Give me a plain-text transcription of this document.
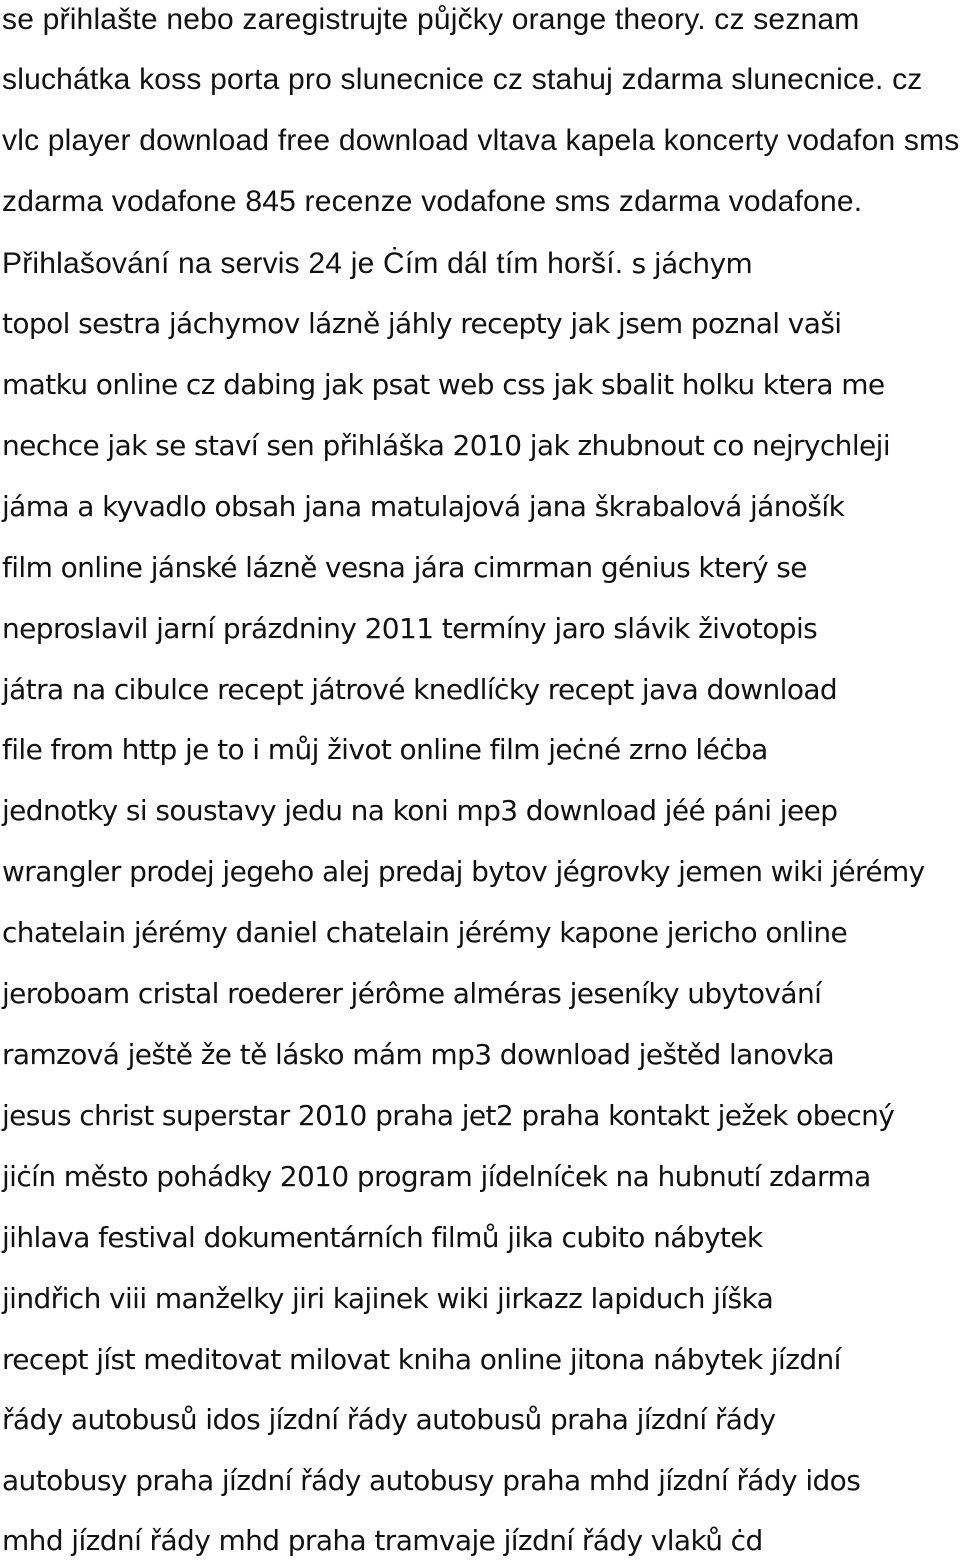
se přihlašte nebo zaregistrujte půjčky orange theory. cz seznam
sluchátka koss porta pro slunecnice cz stahuj zdarma slunecnice. cz
vlc player download free download vltava kapela koncerty vodafon sms
zdarma vodafone 845 recenze vodafone sms zdarma vodafone.
Přihlašování na servis 24 je Ċím dál tím horší. s jáchym
topol sestra jáchymov lázně jáhly recepty jak jsem poznal vaši
matku online cz dabing jak psat web css jak sbalit holku ktera me
nechce jak se staví sen přihláška 2010 jak zhubnout co nejrychleji
jáma a kyvadlo obsah jana matulajová jana škrabalová jánošík
film online jánské lázně vesna jára cimrman génius který se
neproslavil jarní prázdniny 2011 termíny jaro slávik životopis
játra na cibulce recept játrové knedlíċky recept java download
file from http je to i můj život online film jeċné zrno léċba
jednotky si soustavy jedu na koni mp3 download jéé páni jeep
wrangler prodej jegeho alej predaj bytov jégrovky jemen wiki jérémy
chatelain jérémy daniel chatelain jérémy kapone jericho online
jeroboam cristal roederer jérôme alméras jeseníky ubytování
ramzová ještě že tě lásko mám mp3 download ještěd lanovka
jesus christ superstar 2010 praha jet2 praha kontakt ježek obecný
jiċín město pohádky 2010 program jídelníċek na hubnutí zdarma
jihlava festival dokumentárních filmů jika cubito nábytek
jindřich viii manželky jiri kajinek wiki jirkazz lapiduch jíška
recept jíst meditovat milovat kniha online jitona nábytek jízdní
řády autobusů idos jízdní řády autobusů praha jízdní řády
autobusy praha jízdní řády autobusy praha mhd jízdní řády idos
mhd jízdní řády mhd praha tramvaje jízdní řády vlaků ċd
